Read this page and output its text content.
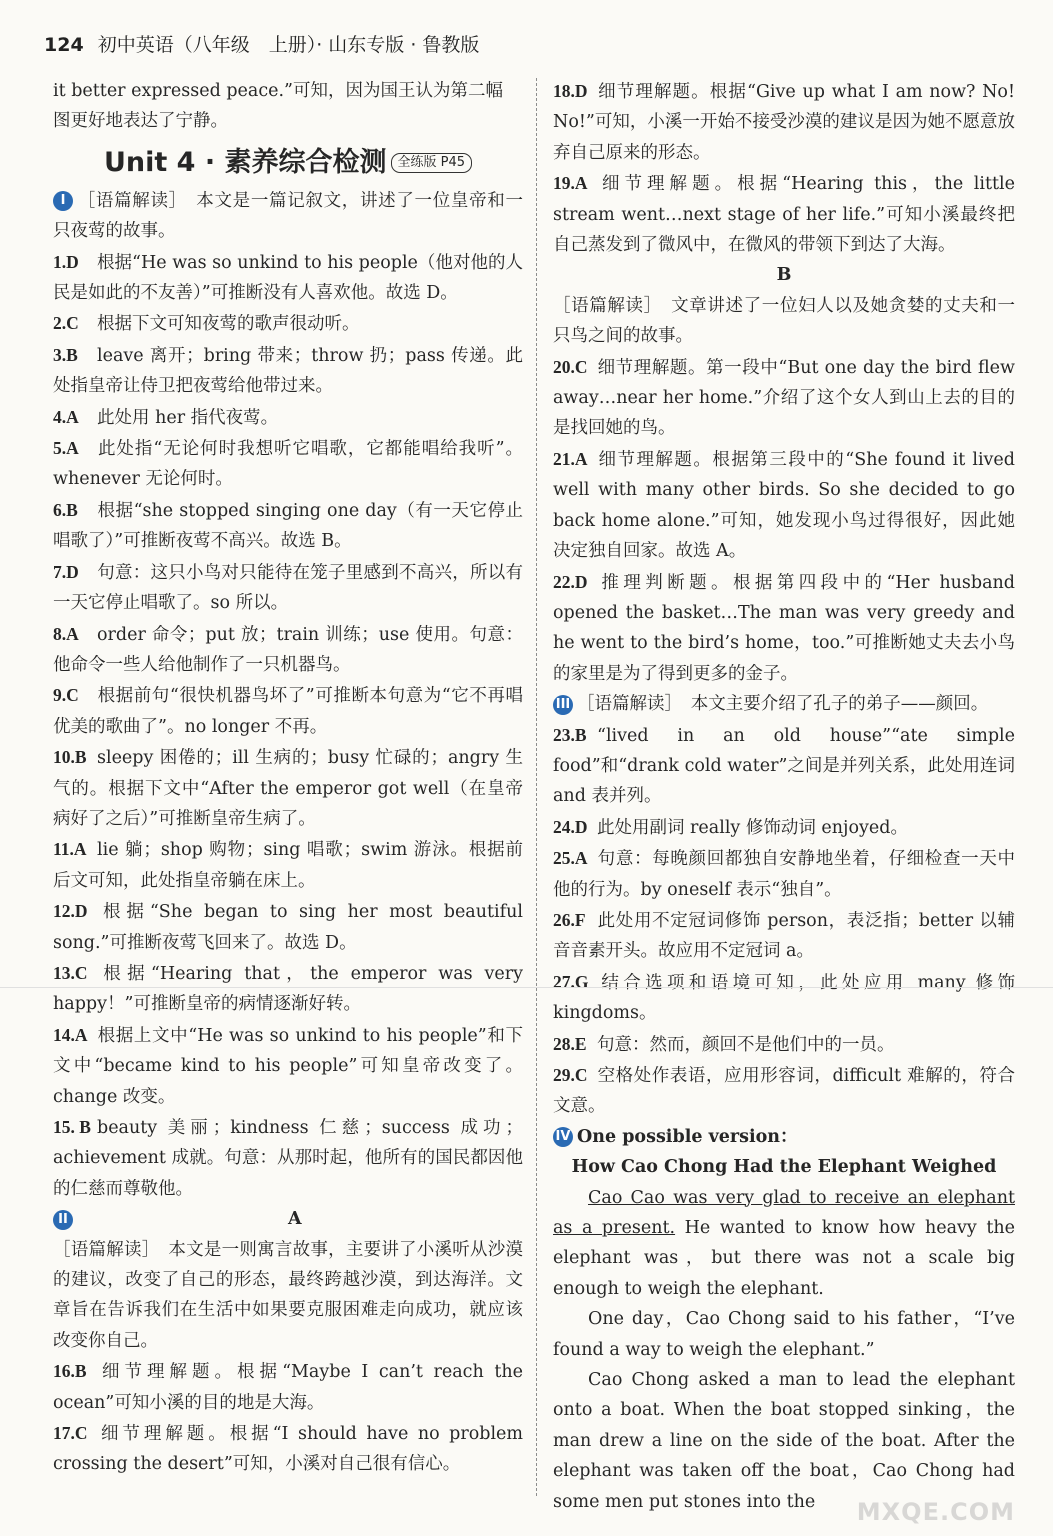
124 初中英语（八年级　上册）· 山东专版 · 鲁教版

it better expressed peace.”可知，因为国王认为第二幅
图更好地表达了宁静。

Unit 4 · 素养综合检测 全练版 P45

I ［语篇解读］　本文是一篇记叙文，讲述了一位皇帝和一只夜莺的故事。

1.D 根据“He was so unkind to his people（他对他的人民是如此的不友善）”可推断没有人喜欢他。故选 D。

2.C 根据下文可知夜莺的歌声很动听。

3.B leave 离开；bring 带来；throw 扔；pass 传递。此处指皇帝让侍卫把夜莺给他带过来。

4.A 此处用 her 指代夜莺。

5.A 此处指“无论何时我想听它唱歌，它都能唱给我听”。whenever 无论何时。

6.B 根据“she stopped singing one day（有一天它停止唱歌了）”可推断夜莺不高兴。故选 B。

7.D 句意：这只小鸟对只能待在笼子里感到不高兴，所以有一天它停止唱歌了。so 所以。

8.A order 命令；put 放；train 训练；use 使用。句意：他命令一些人给他制作了一只机器鸟。

9.C 根据前句“很快机器鸟坏了”可推断本句意为“它不再唱优美的歌曲了”。no longer 不再。

10.B sleepy 困倦的；ill 生病的；busy 忙碌的；angry 生气的。根据下文中“After the emperor got well（在皇帝病好了之后）”可推断皇帝生病了。

11.A lie 躺；shop 购物；sing 唱歌；swim 游泳。根据前后文可知，此处指皇帝躺在床上。

12.D 根据“She began to sing her most beautiful song.”可推断夜莺飞回来了。故选 D。

13.C 根据“Hearing that，the emperor was very happy！”可推断皇帝的病情逐渐好转。

14.A 根据上文中“He was so unkind to his people”和下文中“became kind to his people”可知皇帝改变了。change 改变。

15. B beauty 美丽；kindness 仁慈；success 成功；achievement 成就。句意：从那时起，他所有的国民都因他的仁慈而尊敬他。

II	A

［语篇解读］　本文是一则寓言故事，主要讲了小溪听从沙漠的建议，改变了自己的形态，最终跨越沙漠，到达海洋。文章旨在告诉我们在生活中如果要克服困难走向成功，就应该改变你自己。

16.B 细节理解题。根据“Maybe I can’t reach the ocean”可知小溪的目的地是大海。

17.C 细节理解题。根据“I should have no problem crossing the desert”可知，小溪对自己很有信心。

18.D 细节理解题。根据“Give up what I am now? No! No!”可知，小溪一开始不接受沙漠的建议是因为她不愿意放弃自己原来的形态。

19.A 细节理解题。根据“Hearing this，the little stream went…next stage of her life.”可知小溪最终把自己蒸发到了微风中，在微风的带领下到达了大海。

B

［语篇解读］　文章讲述了一位妇人以及她贪婪的丈夫和一只鸟之间的故事。

20.C 细节理解题。第一段中“But one day the bird flew away…near her home.”介绍了这个女人到山上去的目的是找回她的鸟。

21.A 细节理解题。根据第三段中的“She found it lived well with many other birds. So she decided to go back home alone.”可知，她发现小鸟过得很好，因此她决定独自回家。故选 A。

22.D 推理判断题。根据第四段中的“Her husband opened the basket…The man was very greedy and he went to the bird’s home，too.”可推断她丈夫去小鸟的家里是为了得到更多的金子。

III ［语篇解读］　本文主要介绍了孔子的弟子——颜回。

23.B “lived in an old house”“ate simple food”和“drank cold water”之间是并列关系，此处用连词 and 表并列。

24.D 此处用副词 really 修饰动词 enjoyed。

25.A 句意：每晚颜回都独自安静地坐着，仔细检查一天中他的行为。by oneself 表示“独自”。

26.F 此处用不定冠词修饰 person，表泛指；better 以辅音音素开头。故应用不定冠词 a。

27.G 结合选项和语境可知，此处应用 many 修饰 kingdoms。

28.E 句意：然而，颜回不是他们中的一员。

29.C 空格处作表语，应用形容词，difficult 难解的，符合文意。

IV One possible version：

How Cao Chong Had the Elephant Weighed

Cao Cao was very glad to receive an elephant as a present. He wanted to know how heavy the elephant was，but there was not a scale big enough to weigh the elephant.

One day，Cao Chong said to his father，“I’ve found a way to weigh the elephant.”

Cao Chong asked a man to lead the elephant onto a boat. When the boat stopped sinking，the man drew a line on the side of the boat. After the elephant was taken off the boat，Cao Chong had some men put stones into the	MXQE.COM
